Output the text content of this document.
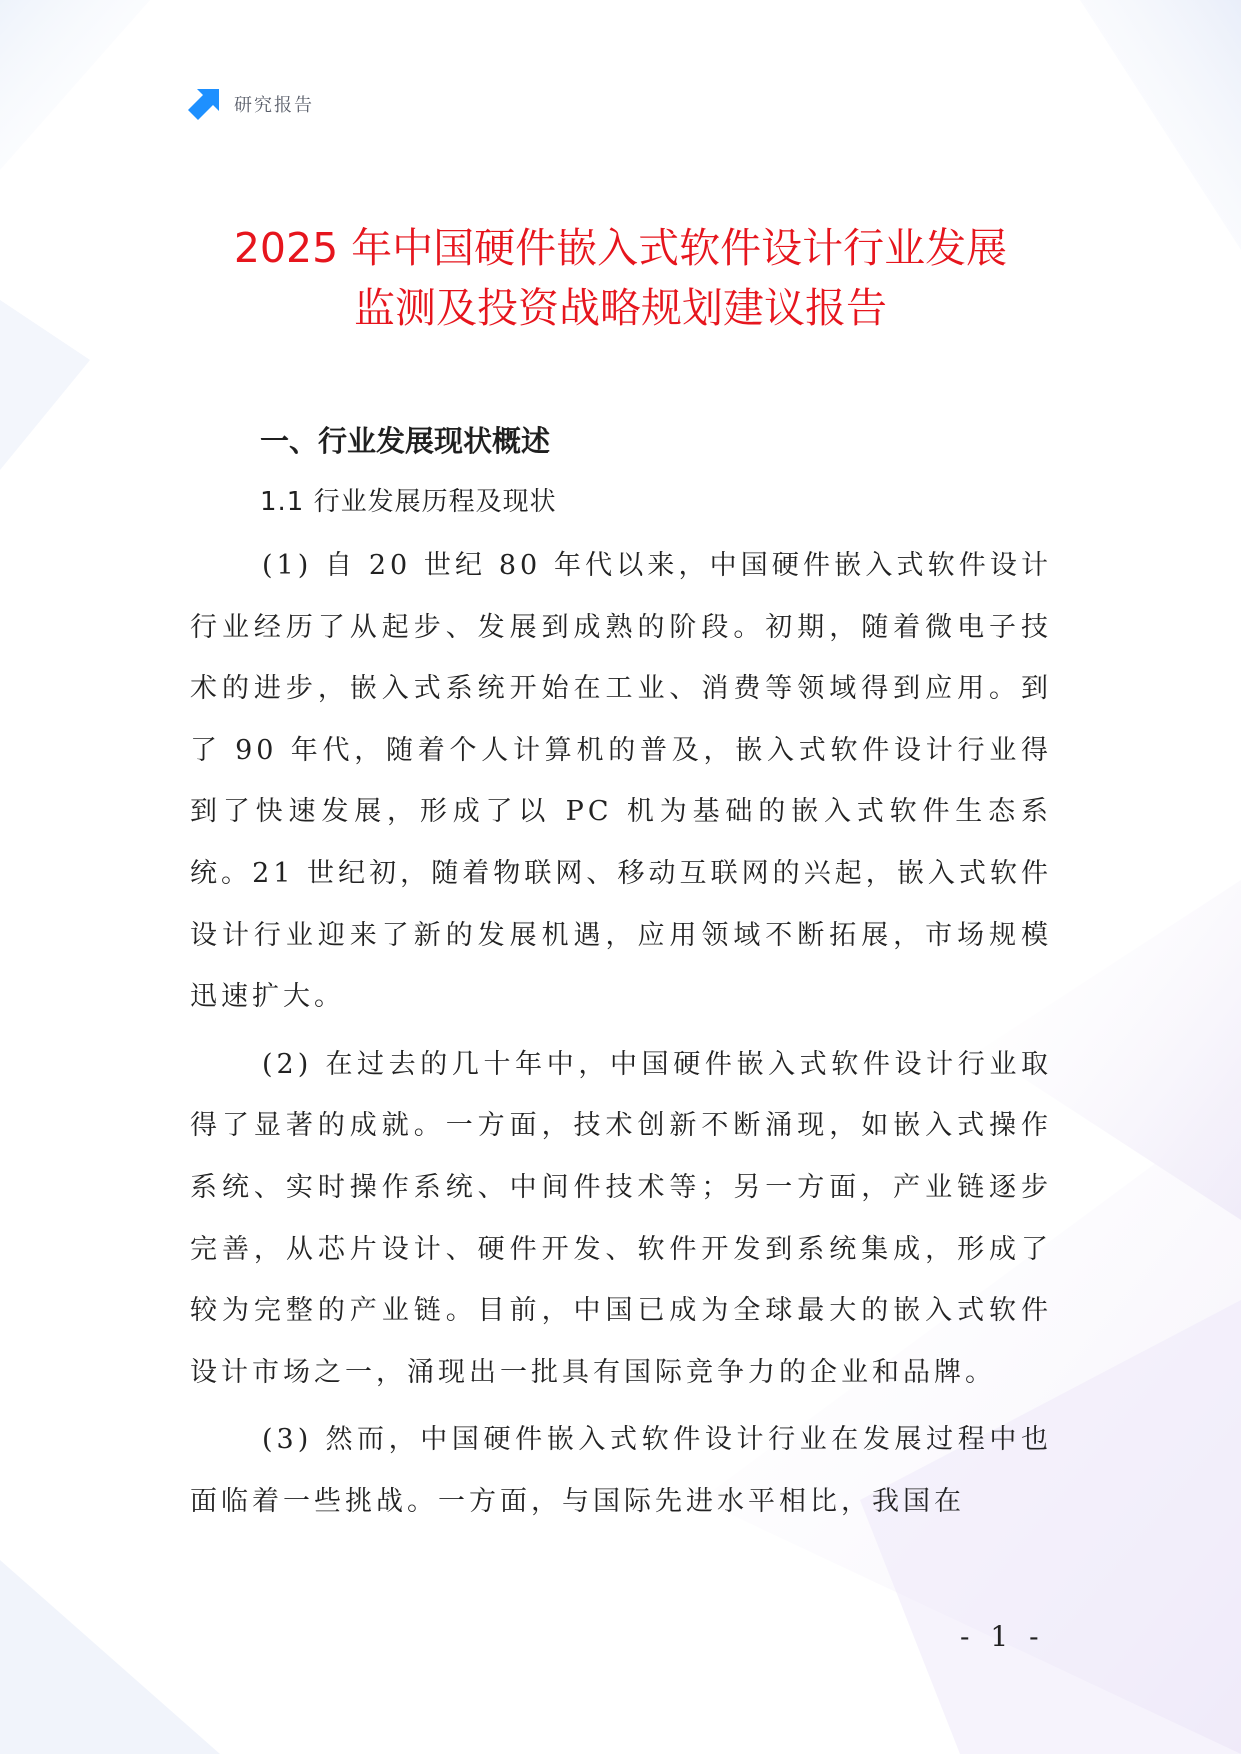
研究报告
2025 年中国硬件嵌入式软件设计行业发展
监测及投资战略规划建议报告
一、行业发展现状概述
1.1 行业发展历程及现状

(1) 自 20 世纪 80 年代以来，中国硬件嵌入式软件设计行业经历了从起步、发展到成熟的阶段。初期，随着微电子技术的进步，嵌入式系统开始在工业、消费等领域得到应用。到了 90 年代，随着个人计算机的普及，嵌入式软件设计行业得到了快速发展，形成了以 PC 机为基础的嵌入式软件生态系统。21 世纪初，随着物联网、移动互联网的兴起，嵌入式软件设计行业迎来了新的发展机遇，应用领域不断拓展，市场规模迅速扩大。

(2) 在过去的几十年中，中国硬件嵌入式软件设计行业取得了显著的成就。一方面，技术创新不断涌现，如嵌入式操作系统、实时操作系统、中间件技术等；另一方面，产业链逐步完善，从芯片设计、硬件开发、软件开发到系统集成，形成了较为完整的产业链。目前，中国已成为全球最大的嵌入式软件设计市场之一，涌现出一批具有国际竞争力的企业和品牌。

(3) 然而，中国硬件嵌入式软件设计行业在发展过程中也面临着一些挑战。一方面，与国际先进水平相比，我国在

- 1 -
